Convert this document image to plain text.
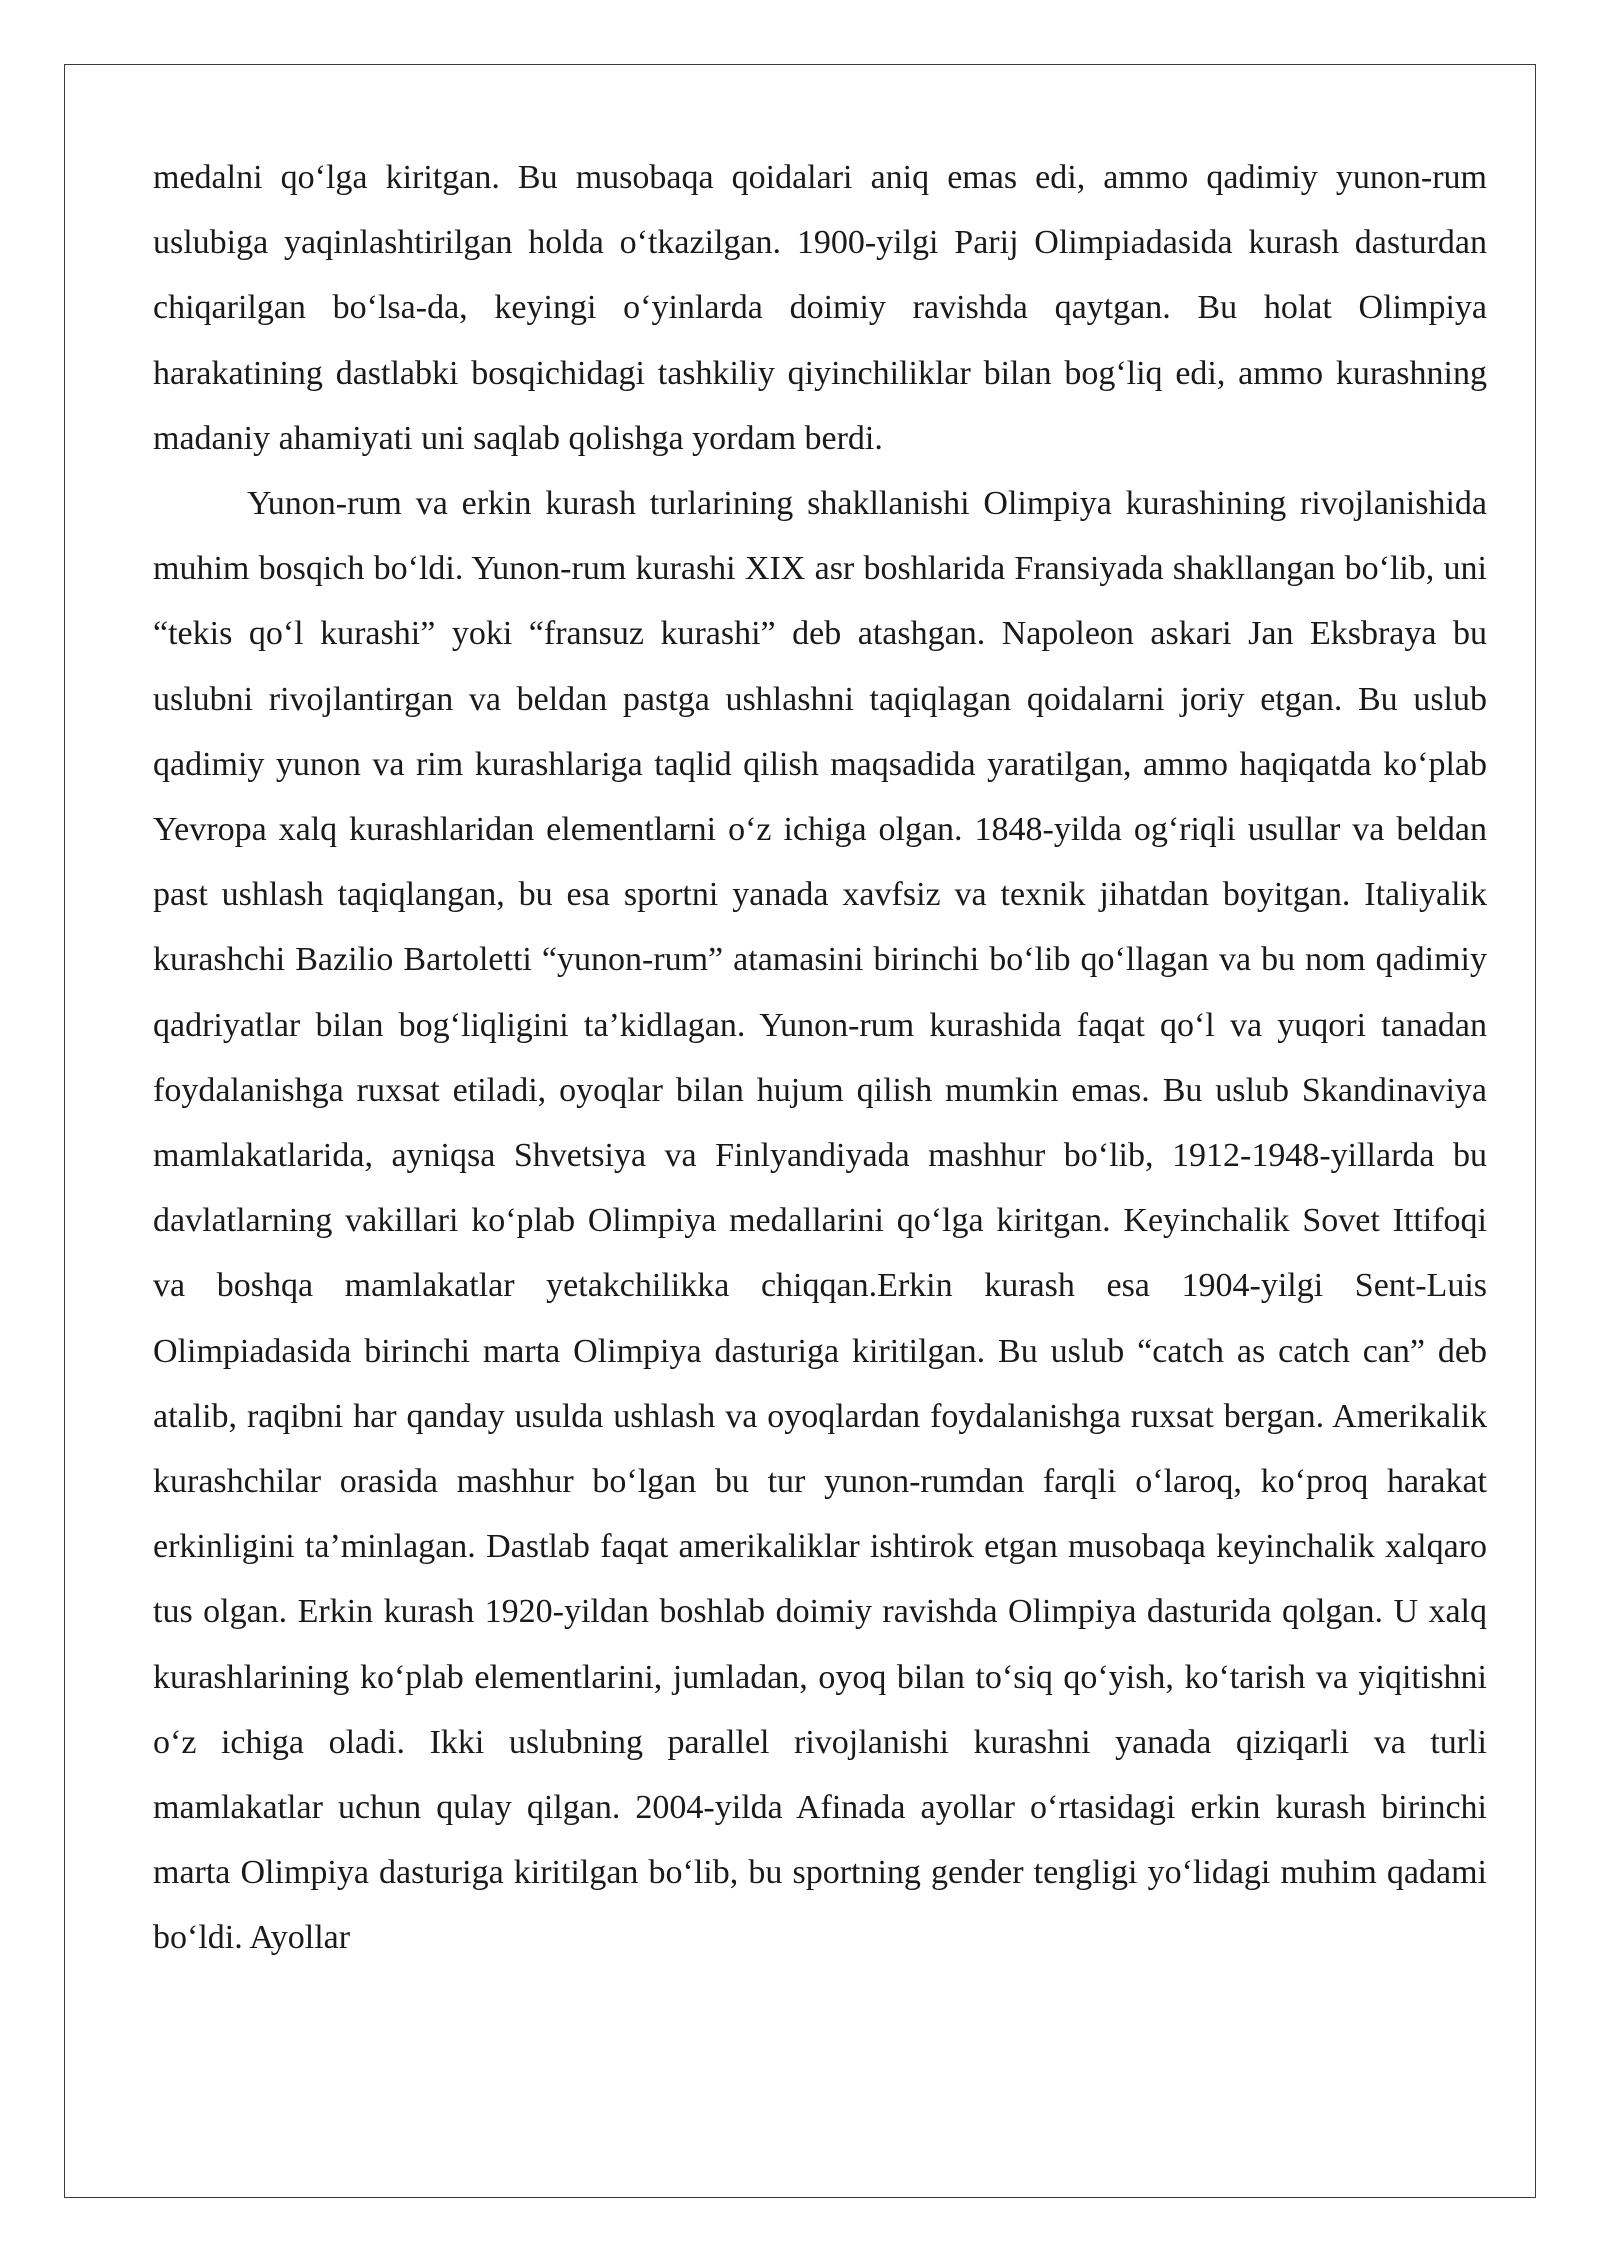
medalni qo‘lga kiritgan. Bu musobaqa qoidalari aniq emas edi, ammo qadimiy yunon-rum uslubiga yaqinlashtirilgan holda o‘tkazilgan. 1900-yilgi Parij Olimpiadasida kurash dasturdan chiqarilgan bo‘lsa-da, keyingi o‘yinlarda doimiy ravishda qaytgan. Bu holat Olimpiya harakatining dastlabki bosqichidagi tashkiliy qiyinchiliklar bilan bog‘liq edi, ammo kurashning madaniy ahamiyati uni saqlab qolishga yordam berdi.

Yunon-rum va erkin kurash turlarining shakllanishi Olimpiya kurashining rivojlanishida muhim bosqich bo‘ldi. Yunon-rum kurashi XIX asr boshlarida Fransiyada shakllangan bo‘lib, uni “tekis qo‘l kurashi” yoki “fransuz kurashi” deb atashgan. Napoleon askari Jan Eksbraya bu uslubni rivojlantirgan va beldan pastga ushlashni taqiqlagan qoidalarni joriy etgan. Bu uslub qadimiy yunon va rim kurashlariga taqlid qilish maqsadida yaratilgan, ammo haqiqatda ko‘plab Yevropa xalq kurashlaridan elementlarni o‘z ichiga olgan. 1848-yilda og‘riqli usullar va beldan past ushlash taqiqlangan, bu esa sportni yanada xavfsiz va texnik jihatdan boyitgan. Italiyalik kurashchi Bazilio Bartoletti “yunon-rum” atamasini birinchi bo‘lib qo‘llagan va bu nom qadimiy qadriyatlar bilan bog‘liqligini ta’kidlagan. Yunon-rum kurashida faqat qo‘l va yuqori tanadan foydalanishga ruxsat etiladi, oyoqlar bilan hujum qilish mumkin emas. Bu uslub Skandinaviya mamlakatlarida, ayniqsa Shvetsiya va Finlyandiyada mashhur bo‘lib, 1912-1948-yillarda bu davlatlarning vakillari ko‘plab Olimpiya medallarini qo‘lga kiritgan. Keyinchalik Sovet Ittifoqi va boshqa mamlakatlar yetakchilikka chiqqan.Erkin kurash esa 1904-yilgi Sent-Luis Olimpiadasida birinchi marta Olimpiya dasturiga kiritilgan. Bu uslub “catch as catch can” deb atalib, raqibni har qanday usulda ushlash va oyoqlardan foydalanishga ruxsat bergan. Amerikalik kurashchilar orasida mashhur bo‘lgan bu tur yunon-rumdan farqli o‘laroq, ko‘proq harakat erkinligini ta’minlagan. Dastlab faqat amerikaliklar ishtirok etgan musobaqa keyinchalik xalqaro tus olgan. Erkin kurash 1920-yildan boshlab doimiy ravishda Olimpiya dasturida qolgan. U xalq kurashlarining ko‘plab elementlarini, jumladan, oyoq bilan to‘siq qo‘yish, ko‘tarish va yiqitishni o‘z ichiga oladi. Ikki uslubning parallel rivojlanishi kurashni yanada qiziqarli va turli mamlakatlar uchun qulay qilgan. 2004-yilda Afinada ayollar o‘rtasidagi erkin kurash birinchi marta Olimpiya dasturiga kiritilgan bo‘lib, bu sportning gender tengligi yo‘lidagi muhim qadami bo‘ldi. Ayollar
